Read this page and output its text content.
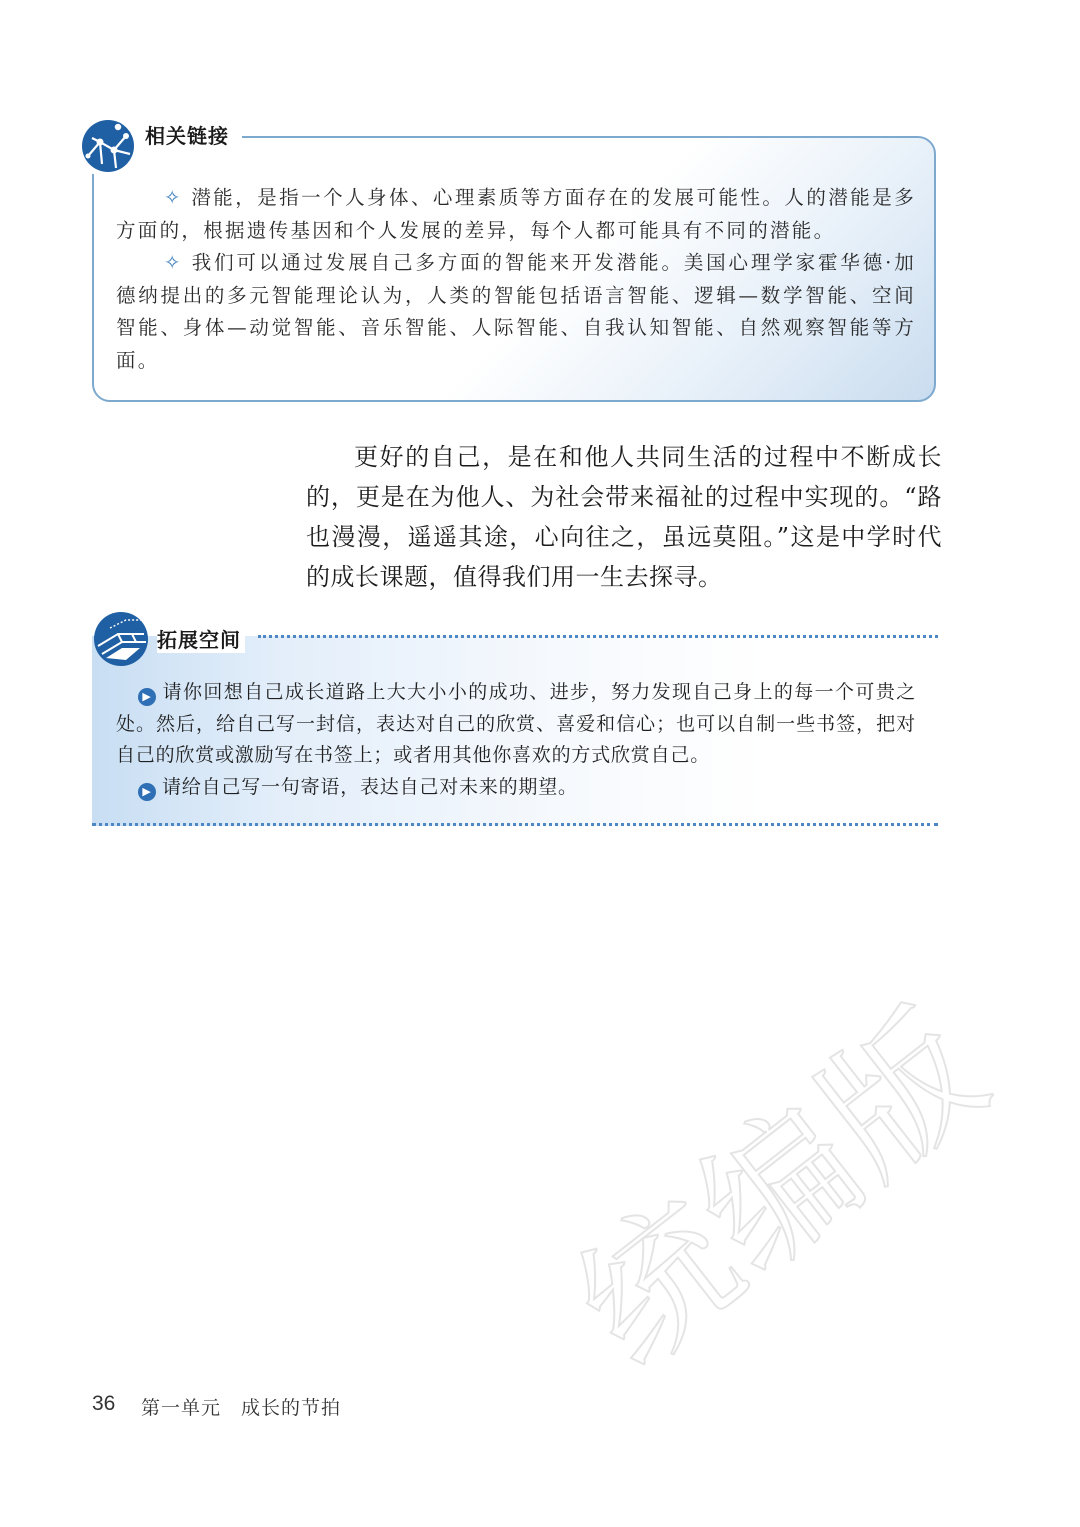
相关链接

✧ 潜能，是指一个人身体、心理素质等方面存在的发展可能性。人的潜能是多方面的，根据遗传基因和个人发展的差异，每个人都可能具有不同的潜能。

✧ 我们可以通过发展自己多方面的智能来开发潜能。美国心理学家霍华德·加德纳提出的多元智能理论认为，人类的智能包括语言智能、逻辑—数学智能、空间智能、身体—动觉智能、音乐智能、人际智能、自我认知智能、自然观察智能等方面。

更好的自己，是在和他人共同生活的过程中不断成长的，更是在为他人、为社会带来福祉的过程中实现的。“路也漫漫，遥遥其途，心向往之，虽远莫阻。”这是中学时代的成长课题，值得我们用一生去探寻。

拓展空间

▶ 请你回想自己成长道路上大大小小的成功、进步，努力发现自己身上的每一个可贵之处。然后，给自己写一封信，表达对自己的欣赏、喜爱和信心；也可以自制一些书签，把对自己的欣赏或激励写在书签上；或者用其他你喜欢的方式欣赏自己。

▶ 请给自己写一句寄语，表达自己对未来的期望。

36 第一单元　成长的节拍
统编版
